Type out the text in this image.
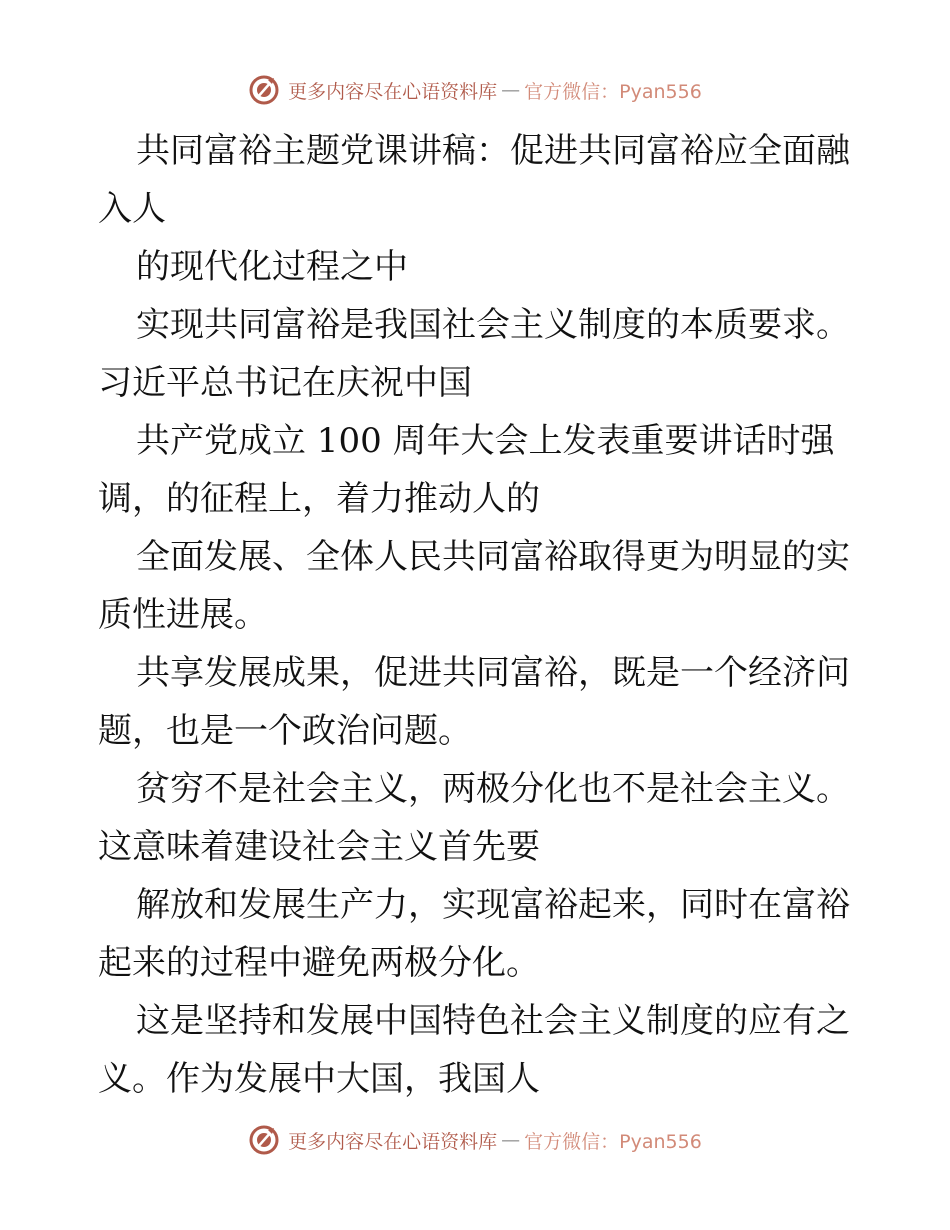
更多内容尽在心语资料库 — 官方微信：Pyan556

共同富裕主题党课讲稿：促进共同富裕应全面融
入人

的现代化过程之中

实现共同富裕是我国社会主义制度的本质要求。
习近平总书记在庆祝中国

共产党成立 100 周年大会上发表重要讲话时强
调，的征程上，着力推动人的

全面发展、全体人民共同富裕取得更为明显的实
质性进展。

共享发展成果，促进共同富裕，既是一个经济问
题，也是一个政治问题。

贫穷不是社会主义，两极分化也不是社会主义。
这意味着建设社会主义首先要

解放和发展生产力，实现富裕起来，同时在富裕
起来的过程中避免两极分化。

这是坚持和发展中国特色社会主义制度的应有之
义。作为发展中大国，我国人

更多内容尽在心语资料库 — 官方微信：Pyan556
